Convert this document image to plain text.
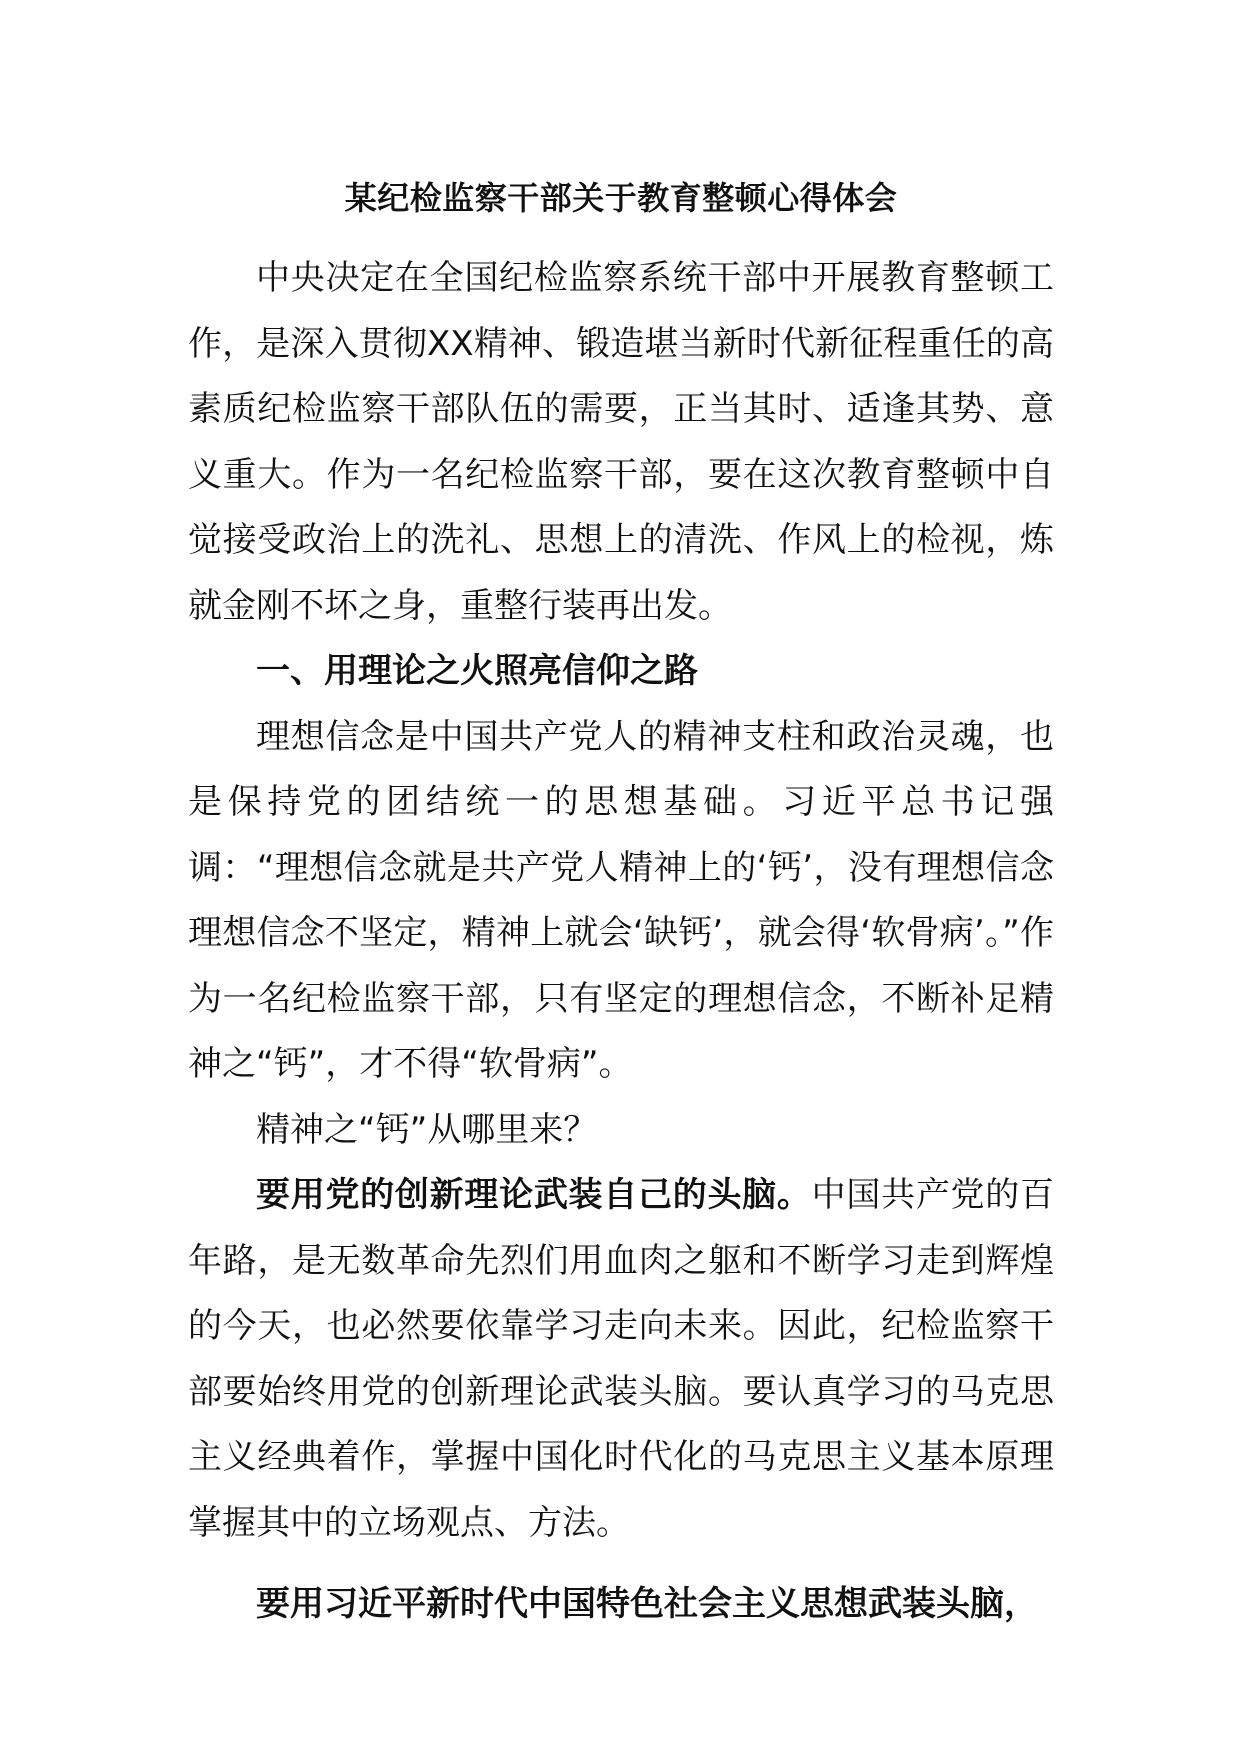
某纪检监察干部关于教育整顿心得体会

中央决定在全国纪检监察系统干部中开展教育整顿工作，是深入贯彻XX精神、锻造堪当新时代新征程重任的高素质纪检监察干部队伍的需要，正当其时、适逢其势、意义重大。作为一名纪检监察干部，要在这次教育整顿中自觉接受政治上的洗礼、思想上的清洗、作风上的检视，炼就金刚不坏之身，重整行装再出发。

一、用理论之火照亮信仰之路

理想信念是中国共产党人的精神支柱和政治灵魂，也是保持党的团结统一的思想基础。习近平总书记强调：“理想信念就是共产党人精神上的‘钙’，没有理想信念理想信念不坚定，精神上就会‘缺钙’，就会得‘软骨病’。”作为一名纪检监察干部，只有坚定的理想信念，不断补足精神之“钙”，才不得“软骨病”。

精神之“钙”从哪里来？

要用党的创新理论武装自己的头脑。中国共产党的百年路，是无数革命先烈们用血肉之躯和不断学习走到辉煌的今天，也必然要依靠学习走向未来。因此，纪检监察干部要始终用党的创新理论武装头脑。要认真学习的马克思主义经典着作，掌握中国化时代化的马克思主义基本原理掌握其中的立场观点、方法。

要用习近平新时代中国特色社会主义思想武装头脑，
